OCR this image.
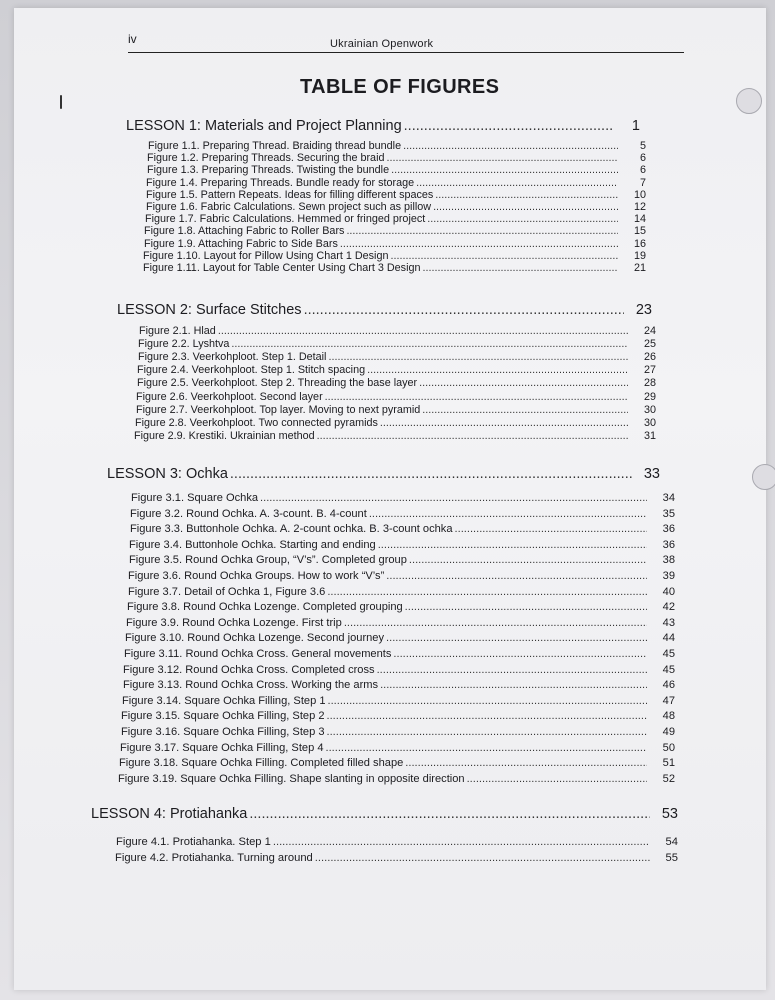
iv	Ukrainian Openwork
TABLE OF FIGURES
LESSON 1: Materials and Project Planning .....	1
Figure 1.1. Preparing Thread. Braiding thread bundle .....	5
Figure 1.2. Preparing Threads. Securing the braid .....	6
Figure 1.3. Preparing Threads. Twisting the bundle .....	6
Figure 1.4. Preparing Threads. Bundle ready for storage .....	7
Figure 1.5. Pattern Repeats. Ideas for filling different spaces .....	10
Figure 1.6. Fabric Calculations. Sewn project such as pillow .....	12
Figure 1.7. Fabric Calculations. Hemmed or fringed project .....	14
Figure 1.8. Attaching Fabric to Roller Bars .....	15
Figure 1.9. Attaching Fabric to Side Bars .....	16
Figure 1.10. Layout for Pillow Using Chart 1 Design .....	19
Figure 1.11. Layout for Table Center Using Chart 3 Design .....	21
LESSON 2: Surface Stitches .....	23
Figure 2.1. Hlad .....	24
Figure 2.2. Lyshtva .....	25
Figure 2.3. Veerkohploot. Step 1. Detail .....	26
Figure 2.4. Veerkohploot. Step 1. Stitch spacing .....	27
Figure 2.5. Veerkohploot. Step 2. Threading the base layer .....	28
Figure 2.6. Veerkohploot. Second layer .....	29
Figure 2.7. Veerkohploot. Top layer. Moving to next pyramid .....	30
Figure 2.8. Veerkohploot. Two connected pyramids .....	30
Figure 2.9. Krestiki. Ukrainian method .....	31
LESSON 3: Ochka .....	33
Figure 3.1. Square Ochka .....	34
Figure 3.2. Round Ochka. A. 3-count. B. 4-count .....	35
Figure 3.3. Buttonhole Ochka. A. 2-count ochka. B. 3-count ochka .....	36
Figure 3.4. Buttonhole Ochka. Starting and ending .....	36
Figure 3.5. Round Ochka Group, “V’s”. Completed group .....	38
Figure 3.6. Round Ochka Groups. How to work “V’s” .....	39
Figure 3.7. Detail of Ochka 1, Figure 3.6 .....	40
Figure 3.8. Round Ochka Lozenge. Completed grouping .....	42
Figure 3.9. Round Ochka Lozenge. First trip .....	43
Figure 3.10. Round Ochka Lozenge. Second journey .....	44
Figure 3.11. Round Ochka Cross. General movements .....	45
Figure 3.12. Round Ochka Cross. Completed cross .....	45
Figure 3.13. Round Ochka Cross. Working the arms .....	46
Figure 3.14. Square Ochka Filling, Step 1 .....	47
Figure 3.15. Square Ochka Filling, Step 2 .....	48
Figure 3.16. Square Ochka Filling, Step 3 .....	49
Figure 3.17. Square Ochka Filling, Step 4 .....	50
Figure 3.18. Square Ochka Filling. Completed filled shape .....	51
Figure 3.19. Square Ochka Filling. Shape slanting in opposite direction .....	52
LESSON 4: Protiahanka .....	53
Figure 4.1. Protiahanka. Step 1 .....	54
Figure 4.2. Protiahanka. Turning around .....	55
